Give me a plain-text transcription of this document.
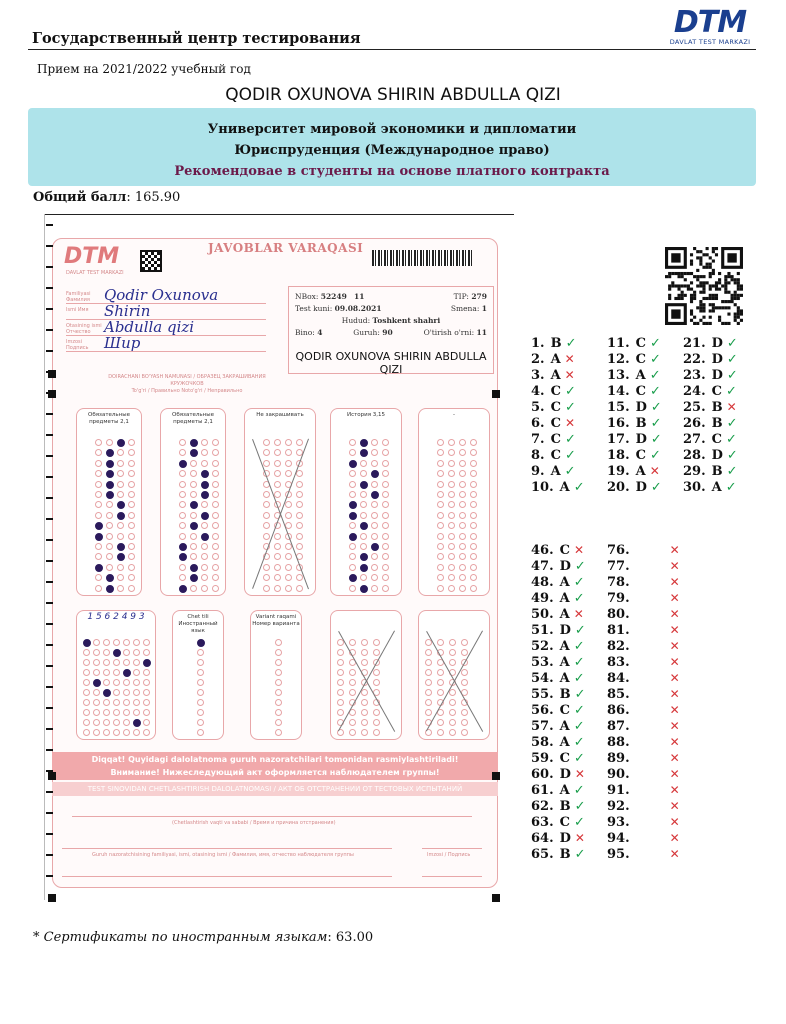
Государственный центр тестирования	DTM
DAVLAT TEST MARKAZI
Прием на 2021/2022 учебный год
QODIR OXUNOVA SHIRIN ABDULLA QIZI
Университет мировой экономики и дипломатии
Юриспруденция (Международное право)
Рекомендовае в студенты на основе платного контракта
Общий балл: 165.90
DTM
DAVLAT TEST MARKAZI
JAVOBLAR VARAQASI
Familiyasi Фамилия Qodir Oxunova
Ismi Имя	Shirin
Otasining ismi Отчество Abdulla qizi
Imzosi Подпись	Шир
NBox: 52249 11	TIP: 279
Test kuni: 09.08.2021	Smena: 1
Hudud: Toshkent shahri
Bino: 4	Guruh: 90	O'tirish o'rni: 11
QODIR OXUNOVA SHIRIN ABDULLA QIZI
DOIRACHANI BO'YASH NAMUNASI / ОБРАЗЕЦ ЗАКРАШИВАНИЯ КРУЖОЧКОВ
To'g'ri / Правильно Noto'g'ri / Неправильно
Обязательные предметы 2,1
Обязательные предметы 2,1
Не закрашивать	История 3,15	-
1 5 6 2 4 9 3	Chet tili Иностранный язык
Variant raqami Номер варианта
Diqqat! Quyidagi dalolatnoma guruh nazoratchilari tomonidan rasmiylashtiriladi!
Внимание! Нижеследующий акт оформляется наблюдателем группы!
TEST SINOVIDAN CHETLASHTIRISH DALOLATNOMASI / АКТ ОБ ОТСТРАНЕНИИ ОТ ТЕСТОВЫХ ИСПЫТАНИЙ
(Chetlashtirish vaqti va sababi / Время и причина отстранения)
Guruh nazoratchisining familiyasi, ismi, otasining ismi / Фамилия, имя, отчество наблюдателя группы	Imzosi / Подпись
1. B ✓
2. A ✕
3. A ✕
4. C ✓
5. C ✓
6. C ✕
7. C ✓
8. C ✓
9. A ✓
10. A ✓
11. C ✓
12. C ✓
13. A ✓
14. C ✓
15. D ✓
16. B ✓
17. D ✓
18. C ✓
19. A ✕
20. D ✓
21. D ✓
22. D ✓
23. D ✓
24. C ✓
25. B ✕
26. B ✓
27. C ✓
28. D ✓
29. B ✓
30. A ✓
46. C ✕
47. D ✓
48. A ✓
49. A ✓
50. A ✕
51. D ✓
52. A ✓
53. A ✓
54. A ✓
55. B ✓
56. C ✓
57. A ✓
58. A ✓
59. C ✓
60. D ✕
61. A ✓
62. B ✓
63. C ✓
64. D ✕
65. B ✓
76.	✕
77.	✕
78.	✕
79.	✕
80.	✕
81.	✕
82.	✕
83.	✕
84.	✕
85.	✕
86.	✕
87.	✕
88.	✕
89.	✕
90.	✕
91.	✕
92.	✕
93.	✕
94.	✕
95.	✕
* Сертификаты по иностранным языкам: 63.00
